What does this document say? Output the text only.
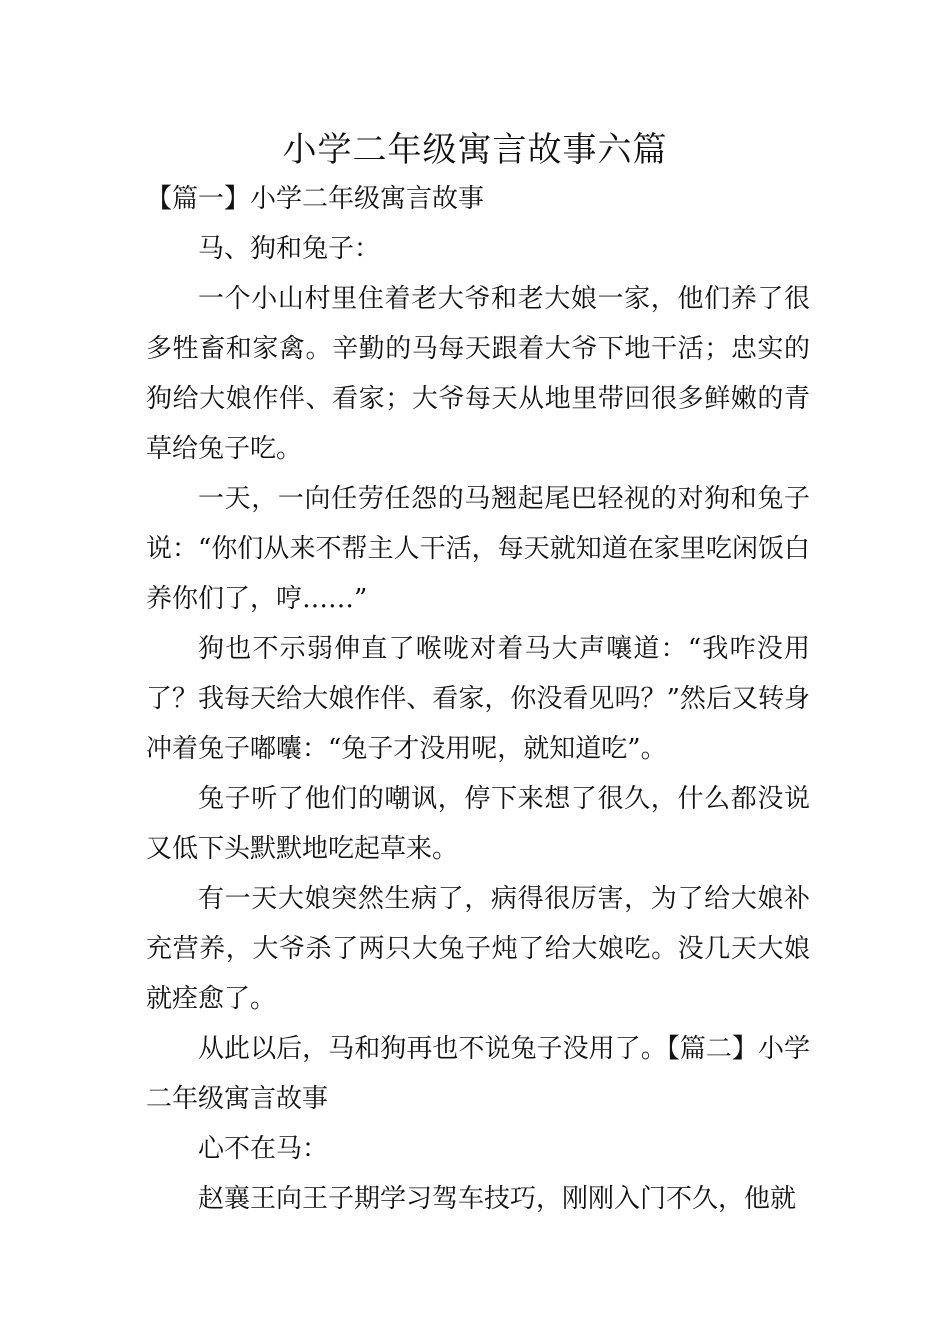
小学二年级寓言故事六篇

【篇一】小学二年级寓言故事

马、狗和兔子：

一个小山村里住着老大爷和老大娘一家，他们养了很多牲畜和家禽。辛勤的马每天跟着大爷下地干活；忠实的狗给大娘作伴、看家；大爷每天从地里带回很多鲜嫩的青草给兔子吃。

一天，一向任劳任怨的马翘起尾巴轻视的对狗和兔子说：“你们从来不帮主人干活，每天就知道在家里吃闲饭白养你们了，哼……”

狗也不示弱伸直了喉咙对着马大声嚷道：“我咋没用了？我每天给大娘作伴、看家，你没看见吗？”然后又转身冲着兔子嘟囔：“兔子才没用呢，就知道吃”。

兔子听了他们的嘲讽，停下来想了很久，什么都没说又低下头默默地吃起草来。

有一天大娘突然生病了，病得很厉害，为了给大娘补充营养，大爷杀了两只大兔子炖了给大娘吃。没几天大娘就痊愈了。

从此以后，马和狗再也不说兔子没用了。【篇二】小学二年级寓言故事

心不在马：

赵襄王向王子期学习驾车技巧，刚刚入门不久，他就
